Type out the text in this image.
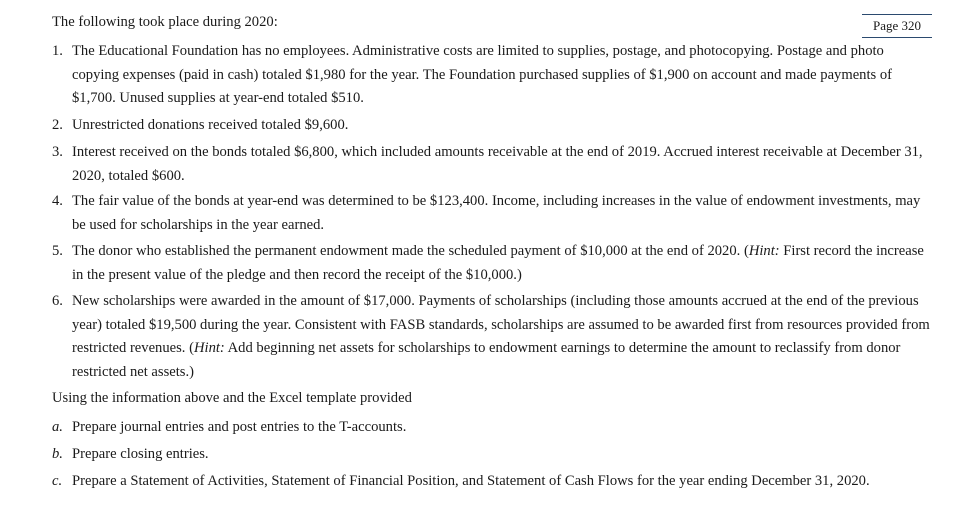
The following took place during 2020:	Page 320
1. The Educational Foundation has no employees. Administrative costs are limited to supplies, postage, and photocopying. Postage and photo copying expenses (paid in cash) totaled $1,980 for the year. The Foundation purchased supplies of $1,900 on account and made payments of $1,700. Unused supplies at year-end totaled $510.
2. Unrestricted donations received totaled $9,600.
3. Interest received on the bonds totaled $6,800, which included amounts receivable at the end of 2019. Accrued interest receivable at December 31, 2020, totaled $600.
4. The fair value of the bonds at year-end was determined to be $123,400. Income, including increases in the value of endowment investments, may be used for scholarships in the year earned.
5. The donor who established the permanent endowment made the scheduled payment of $10,000 at the end of 2020. (Hint: First record the increase in the present value of the pledge and then record the receipt of the $10,000.)
6. New scholarships were awarded in the amount of $17,000. Payments of scholarships (including those amounts accrued at the end of the previous year) totaled $19,500 during the year. Consistent with FASB standards, scholarships are assumed to be awarded first from resources provided from restricted revenues. (Hint: Add beginning net assets for scholarships to endowment earnings to determine the amount to reclassify from donor restricted net assets.)
Using the information above and the Excel template provided
a. Prepare journal entries and post entries to the T-accounts.
b. Prepare closing entries.
c. Prepare a Statement of Activities, Statement of Financial Position, and Statement of Cash Flows for the year ending December 31, 2020.
